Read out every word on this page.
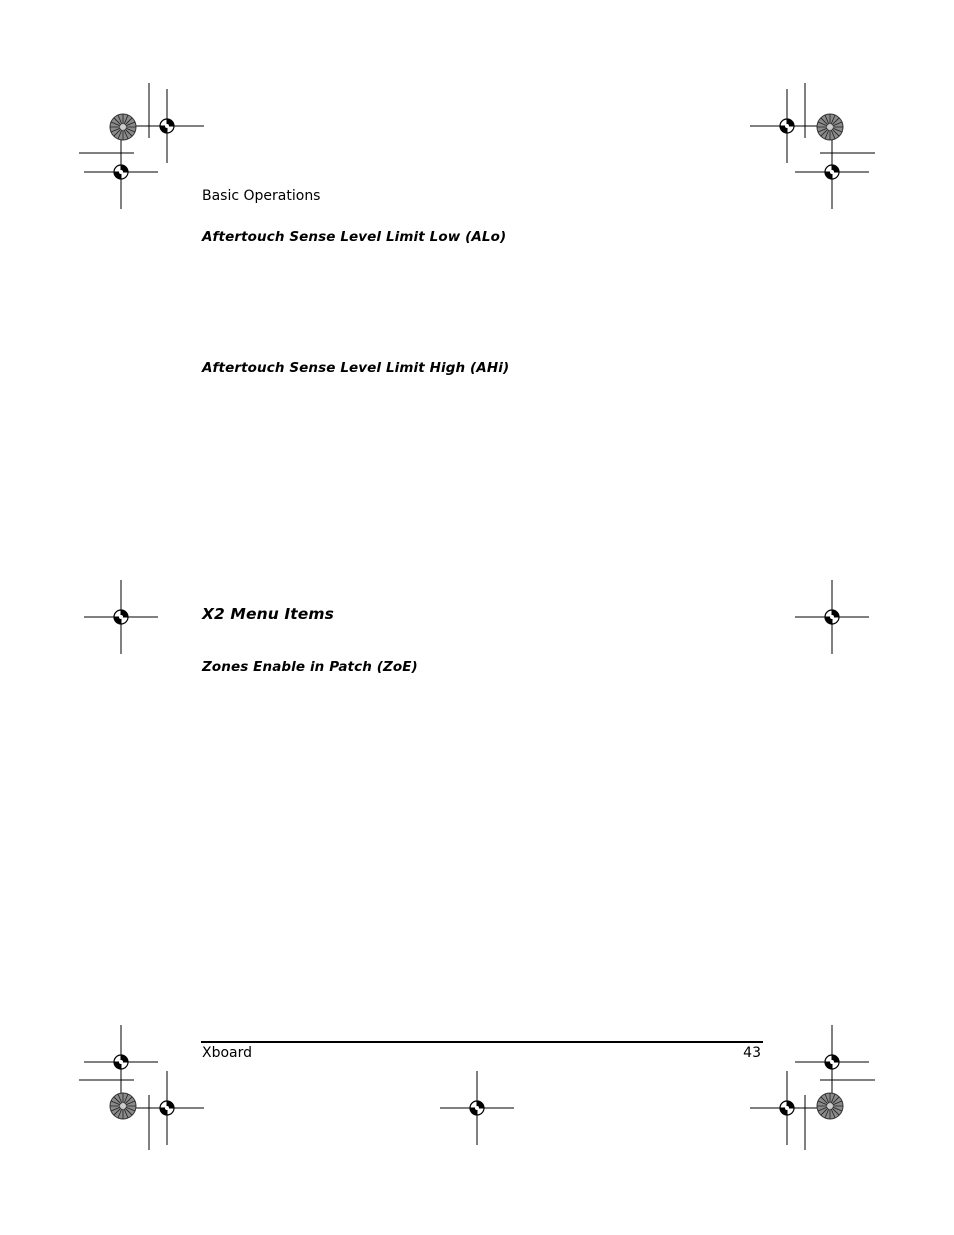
Basic Operations
Aftertouch Sense Level Limit Low (ALo)
Aftertouch Sense Level Limit High (AHi)
X2 Menu Items
Zones Enable in Patch (ZoE)
Xboard	43
